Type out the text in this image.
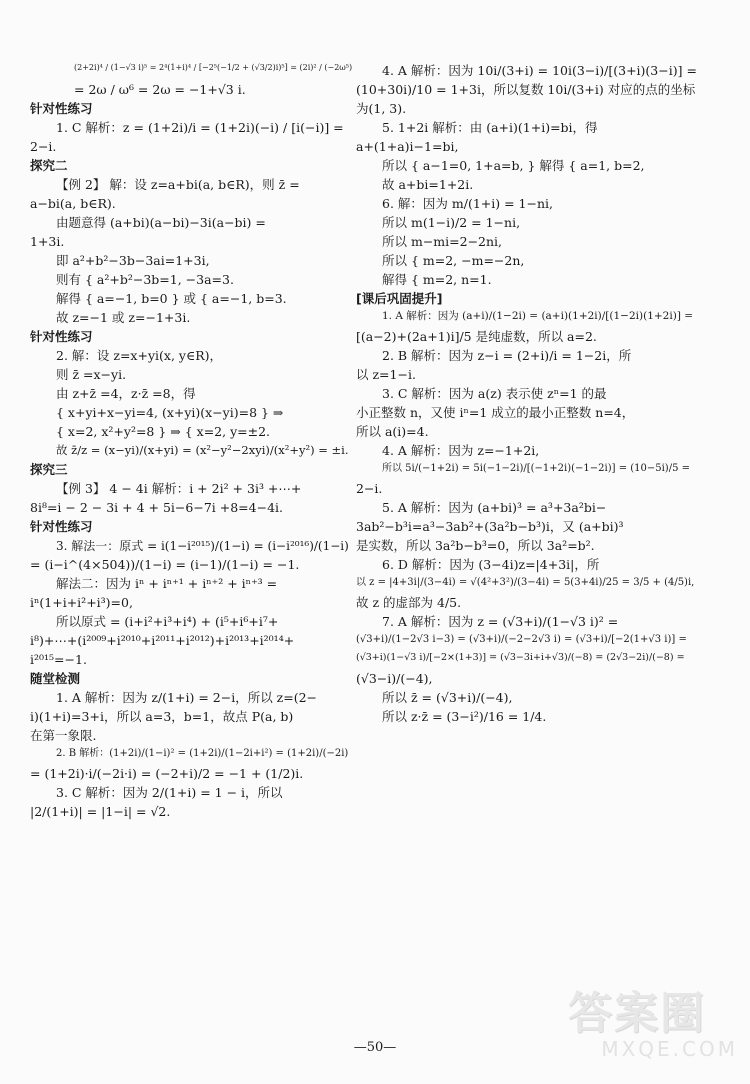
(2+2i)⁴ / (1−√3 i)⁵ = 2⁴(1+i)⁴ / [−2⁵(−1/2 + (√3/2)i)⁵] = (2i)² / (−2ω⁵)
= 2ω / ω⁶ = 2ω = −1+√3 i.
针对性练习
1. C 解析：z = (1+2i)/i = (1+2i)(−i) / [i(−i)] =
2−i.
探究二
【例 2】 解：设 z=a+bi(a, b∈R)，则 z̄ =
a−bi(a, b∈R).
由题意得 (a+bi)(a−bi)−3i(a−bi) =
1+3i.
即 a²+b²−3b−3ai=1+3i,
则有 { a²+b²−3b=1, −3a=3.
解得 { a=−1, b=0 } 或 { a=−1, b=3.
故 z=−1 或 z=−1+3i.
针对性练习
2. 解：设 z=x+yi(x, y∈R)，
则 z̄ =x−yi.
由 z+z̄ =4，z·z̄ =8，得
{ x+yi+x−yi=4, (x+yi)(x−yi)=8 } ⇒
{ x=2, x²+y²=8 } ⇒ { x=2, y=±2.
故 z̄/z = (x−yi)/(x+yi) = (x²−y²−2xyi)/(x²+y²) = ±i.
探究三
【例 3】 4 − 4i 解析：i + 2i² + 3i³ +⋯+
8i⁸=i − 2 − 3i + 4 + 5i−6−7i +8=4−4i.
针对性练习
3. 解法一：原式 = i(1−i²⁰¹⁵)/(1−i) = (i−i²⁰¹⁶)/(1−i)
= (i−i^(4×504))/(1−i) = (i−1)/(1−i) = −1.
解法二：因为 iⁿ + iⁿ⁺¹ + iⁿ⁺² + iⁿ⁺³ =
iⁿ(1+i+i²+i³)=0,
所以原式 = (i+i²+i³+i⁴) + (i⁵+i⁶+i⁷+
i⁸)+⋯+(i²⁰⁰⁹+i²⁰¹⁰+i²⁰¹¹+i²⁰¹²)+i²⁰¹³+i²⁰¹⁴+
i²⁰¹⁵=−1.
随堂检测
1. A 解析：因为 z/(1+i) = 2−i，所以 z=(2−
i)(1+i)=3+i，所以 a=3，b=1，故点 P(a, b)
在第一象限.
2. B 解析：(1+2i)/(1−i)² = (1+2i)/(1−2i+i²) = (1+2i)/(−2i)
= (1+2i)·i/(−2i·i) = (−2+i)/2 = −1 + (1/2)i.
3. C 解析：因为 2/(1+i) = 1 − i，所以
|2/(1+i)| = |1−i| = √2.
4. A 解析：因为 10i/(3+i) = 10i(3−i)/[(3+i)(3−i)] =
(10+30i)/10 = 1+3i，所以复数 10i/(3+i) 对应的点的坐标
为(1, 3).
5. 1+2i 解析：由 (a+i)(1+i)=bi，得
a+(1+a)i−1=bi,
所以 { a−1=0, 1+a=b, } 解得 { a=1, b=2,
故 a+bi=1+2i.
6. 解：因为 m/(1+i) = 1−ni,
所以 m(1−i)/2 = 1−ni,
所以 m−mi=2−2ni,
所以 { m=2, −m=−2n,
解得 { m=2, n=1.
[课后巩固提升]
1. A 解析：因为 (a+i)/(1−2i) = (a+i)(1+2i)/[(1−2i)(1+2i)] =
[(a−2)+(2a+1)i]/5 是纯虚数，所以 a=2.
2. B 解析：因为 z−i = (2+i)/i = 1−2i，所
以 z=1−i.
3. C 解析：因为 a(z) 表示使 zⁿ=1 的最
小正整数 n，又使 iⁿ=1 成立的最小正整数 n=4，
所以 a(i)=4.
4. A 解析：因为 z=−1+2i,
所以 5i/(−1+2i) = 5i(−1−2i)/[(−1+2i)(−1−2i)] = (10−5i)/5 =
2−i.
5. A 解析：因为 (a+bi)³ = a³+3a²bi−
3ab²−b³i=a³−3ab²+(3a²b−b³)i，又 (a+bi)³
是实数，所以 3a²b−b³=0，所以 3a²=b².
6. D 解析：因为 (3−4i)z=|4+3i|，所
以 z = |4+3i|/(3−4i) = √(4²+3²)/(3−4i) = 5(3+4i)/25 = 3/5 + (4/5)i,
故 z 的虚部为 4/5.
7. A 解析：因为 z = (√3+i)/(1−√3 i)² =
(√3+i)/(1−2√3 i−3) = (√3+i)/(−2−2√3 i) = (√3+i)/[−2(1+√3 i)] =
(√3+i)(1−√3 i)/[−2×(1+3)] = (√3−3i+i+√3)/(−8) = (2√3−2i)/(−8) =
(√3−i)/(−4),
所以 z̄ = (√3+i)/(−4),
所以 z·z̄ = (3−i²)/16 = 1/4.
—50—
答案圈
MXQE.COM
